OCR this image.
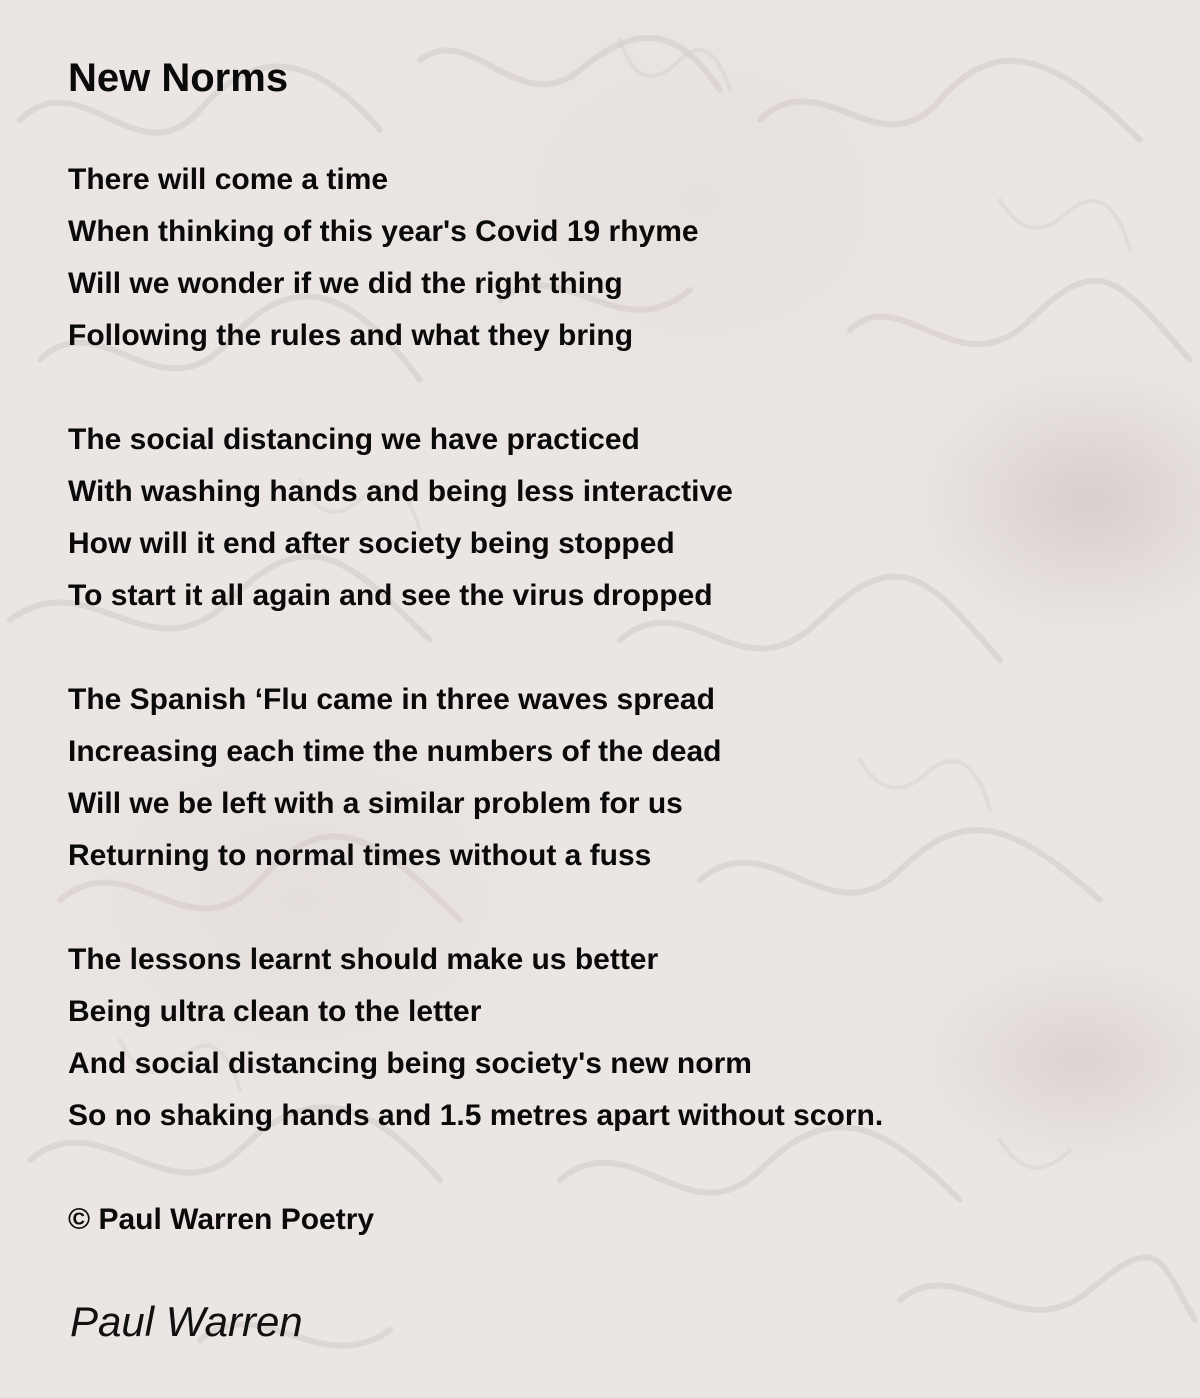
New Norms
There will come a time
When thinking of this year's Covid 19 rhyme
Will we wonder if we did the right thing
Following the rules and what they bring
The social distancing we have practiced
With washing hands and being less interactive
How will it end after society being stopped
To start it all again and see the virus dropped
The Spanish ‘Flu came in three waves spread
Increasing each time the numbers of the dead
Will we be left with a similar problem for us
Returning to normal times without a fuss
The lessons learnt should make us better
Being ultra clean to the letter
And social distancing being society's new norm
So no shaking hands and 1.5 metres apart without scorn.
© Paul Warren Poetry
Paul Warren
